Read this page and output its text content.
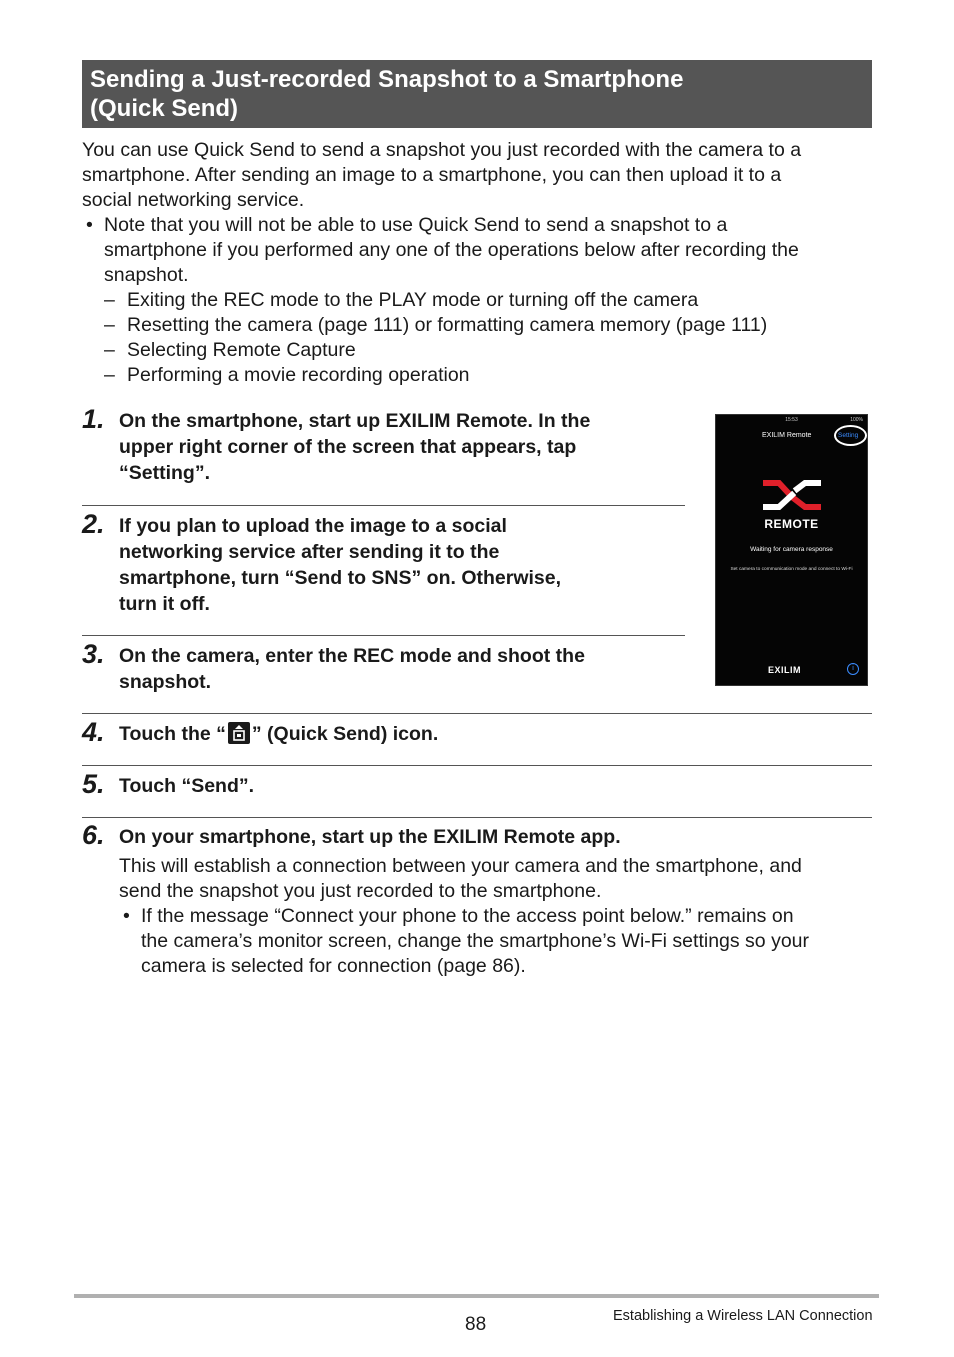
Sending a Just-recorded Snapshot to a Smartphone
(Quick Send)

You can use Quick Send to send a snapshot you just recorded with the camera to a

smartphone. After sending an image to a smartphone, you can then upload it to a

social networking service.

• Note that you will not be able to use Quick Send to send a snapshot to a

smartphone if you performed any one of the operations below after recording the

snapshot.

– Exiting the REC mode to the PLAY mode or turning off the camera

– Resetting the camera (page 111) or formatting camera memory (page 111)

– Selecting Remote Capture

– Performing a movie recording operation

1. On the smartphone, start up EXILIM Remote. In the
upper right corner of the screen that appears, tap
“Setting”.
2. If you plan to upload the image to a social
networking service after sending it to the
smartphone, turn “Send to SNS” on. Otherwise,
turn it off.
3. On the camera, enter the REC mode and shoot the
snapshot.
4. Touch the “ ” (Quick Send) icon.
5. Touch “Send”.
6. On your smartphone, start up the EXILIM Remote app.

This will establish a connection between your camera and the smartphone, and

send the snapshot you just recorded to the smartphone.

• If the message “Connect your phone to the access point below.” remains on

the camera’s monitor screen, change the smartphone’s Wi-Fi settings so your

camera is selected for connection (page 86).

15:53	100%
EXILIM Remote	Setting
REMOTE
Waiting for camera response
Set camera to communication mode and connect to Wi-Fi
EXILIM	i
88	Establishing a Wireless LAN Connection
